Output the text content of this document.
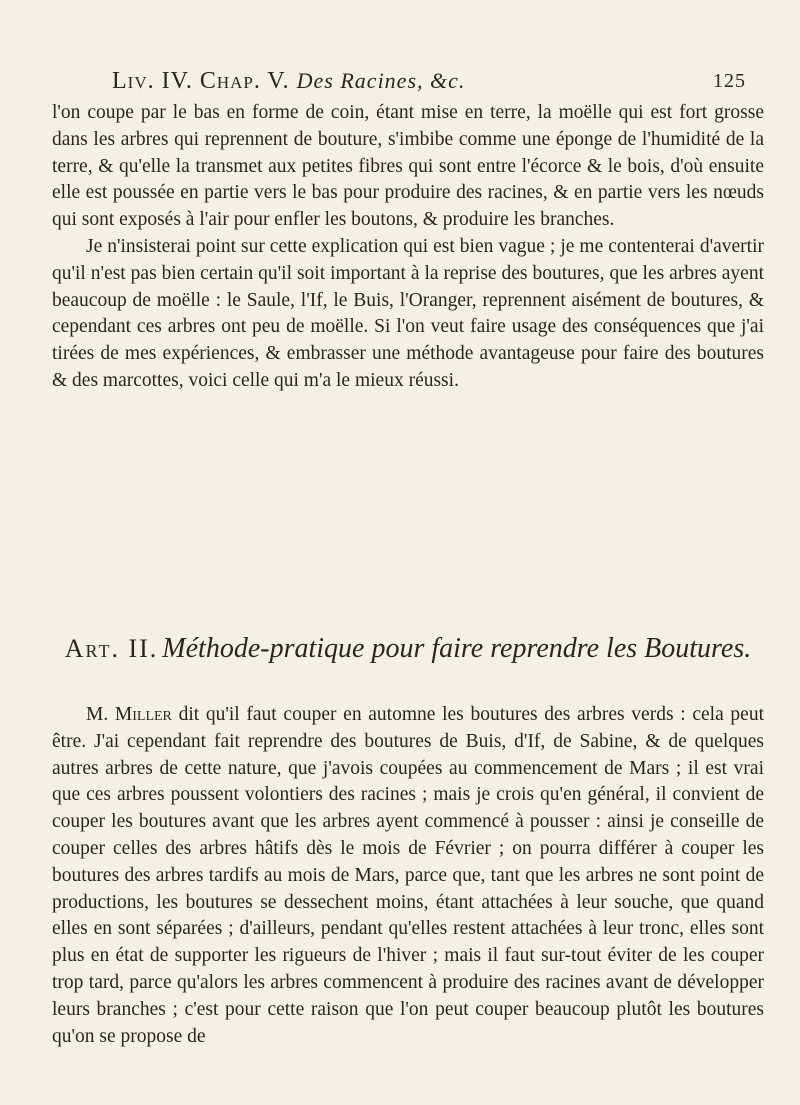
Liv. IV. Chap. V. Des Racines, &c.	125

l'on coupe par le bas en forme de coin, étant mise en terre, la moëlle qui est fort grosse dans les arbres qui reprennent de bouture, s'imbibe comme une éponge de l'humidité de la terre, & qu'elle la transmet aux petites fibres qui sont entre l'écorce & le bois, d'où ensuite elle est poussée en partie vers le bas pour produire des racines, & en partie vers les nœuds qui sont exposés à l'air pour enfler les boutons, & produire les branches.

Je n'insisterai point sur cette explication qui est bien vague ; je me contenterai d'avertir qu'il n'est pas bien certain qu'il soit important à la reprise des boutures, que les arbres ayent beaucoup de moëlle : le Saule, l'If, le Buis, l'Oranger, reprennent aisément de boutures, & cependant ces arbres ont peu de moëlle. Si l'on veut faire usage des conséquences que j'ai tirées de mes expériences, & embrasser une méthode avantageuse pour faire des boutures & des marcottes, voici celle qui m'a le mieux réussi.

Art. II. Méthode-pratique pour faire reprendre les Boutures.

M. Miller dit qu'il faut couper en automne les boutures des arbres verds : cela peut être. J'ai cependant fait reprendre des boutures de Buis, d'If, de Sabine, & de quelques autres arbres de cette nature, que j'avois coupées au commencement de Mars ; il est vrai que ces arbres poussent volontiers des racines ; mais je crois qu'en général, il convient de couper les boutures avant que les arbres ayent commencé à pousser : ainsi je conseille de couper celles des arbres hâtifs dès le mois de Février ; on pourra différer à couper les boutures des arbres tardifs au mois de Mars, parce que, tant que les arbres ne sont point de productions, les boutures se dessechent moins, étant attachées à leur souche, que quand elles en sont séparées ; d'ailleurs, pendant qu'elles restent attachées à leur tronc, elles sont plus en état de supporter les rigueurs de l'hiver ; mais il faut sur-tout éviter de les couper trop tard, parce qu'alors les arbres commencent à produire des racines avant de développer leurs branches ; c'est pour cette raison que l'on peut couper beaucoup plutôt les boutures qu'on se propose de
